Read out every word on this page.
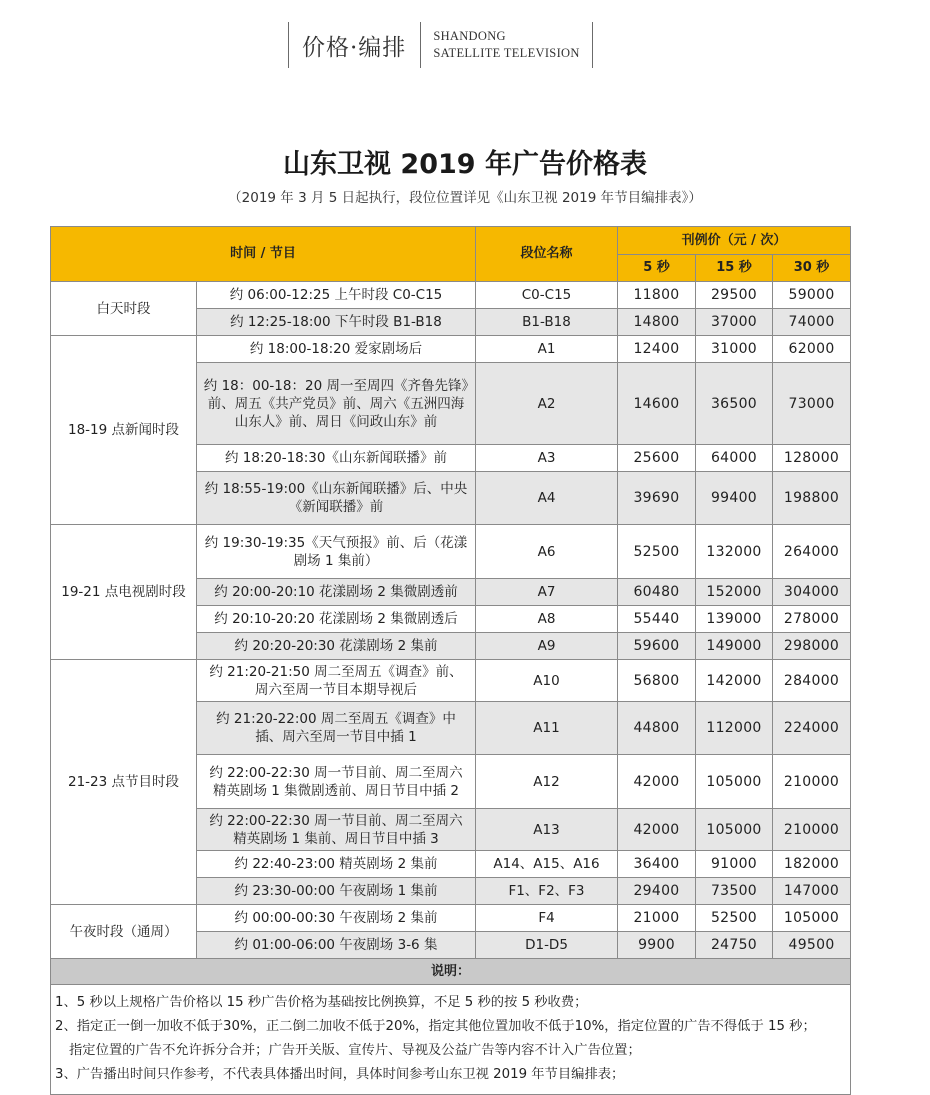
价格·编排	SHANDONG
SATELLITE TELEVISION
山东卫视 2019 年广告价格表
（2019 年 3 月 5 日起执行，段位位置详见《山东卫视 2019 年节目编排表》）
时间 / 节目		段位名称	刊例价（元 / 次）		
			5 秒	15 秒	30 秒
白天时段	约 06:00-12:25 上午时段 C0-C15	C0-C15	11800	29500	59000
	约 12:25-18:00 下午时段 B1-B18	B1-B18	14800	37000	74000
18-19 点新闻时段	约 18:00-18:20 爱家剧场后	A1	12400	31000	62000
	约 18：00-18：20 周一至周四《齐鲁先锋》前、周五《共产党员》前、周六《五洲四海山东人》前、周日《问政山东》前	A2	14600	36500	73000
	约 18:20-18:30《山东新闻联播》前	A3	25600	64000	128000
	约 18:55-19:00《山东新闻联播》后、中央《新闻联播》前	A4	39690	99400	198800
19-21 点电视剧时段	约 19:30-19:35《天气预报》前、后（花漾剧场 1 集前）	A6	52500	132000	264000
	约 20:00-20:10 花漾剧场 2 集微剧透前	A7	60480	152000	304000
	约 20:10-20:20 花漾剧场 2 集微剧透后	A8	55440	139000	278000
	约 20:20-20:30 花漾剧场 2 集前	A9	59600	149000	298000
21-23 点节目时段	约 21:20-21:50 周二至周五《调查》前、周六至周一节目本期导视后	A10	56800	142000	284000
	约 21:20-22:00 周二至周五《调查》中插、周六至周一节目中插 1	A11	44800	112000	224000
	约 22:00-22:30 周一节目前、周二至周六精英剧场 1 集微剧透前、周日节目中插 2	A12	42000	105000	210000
	约 22:00-22:30 周一节目前、周二至周六精英剧场 1 集前、周日节目中插 3	A13	42000	105000	210000
	约 22:40-23:00 精英剧场 2 集前	A14、A15、A16	36400	91000	182000
	约 23:30-00:00 午夜剧场 1 集前	F1、F2、F3	29400	73500	147000
午夜时段（通周）	约 00:00-00:30 午夜剧场 2 集前	F4	21000	52500	105000
	约 01:00-06:00 午夜剧场 3-6 集	D1-D5	9900	24750	49500
说明：					

1、5 秒以上规格广告价格以 15 秒广告价格为基础按比例换算，不足 5 秒的按 5 秒收费；
2、指定正一倒一加收不低于30%，正二倒二加收不低于20%，指定其他位置加收不低于10%，指定位置的广告不得低于 15 秒；
指定位置的广告不允许拆分合并；广告开关版、宣传片、导视及公益广告等内容不计入广告位置；
3、广告播出时间只作参考，不代表具体播出时间，具体时间参考山东卫视 2019 年节目编排表；					
